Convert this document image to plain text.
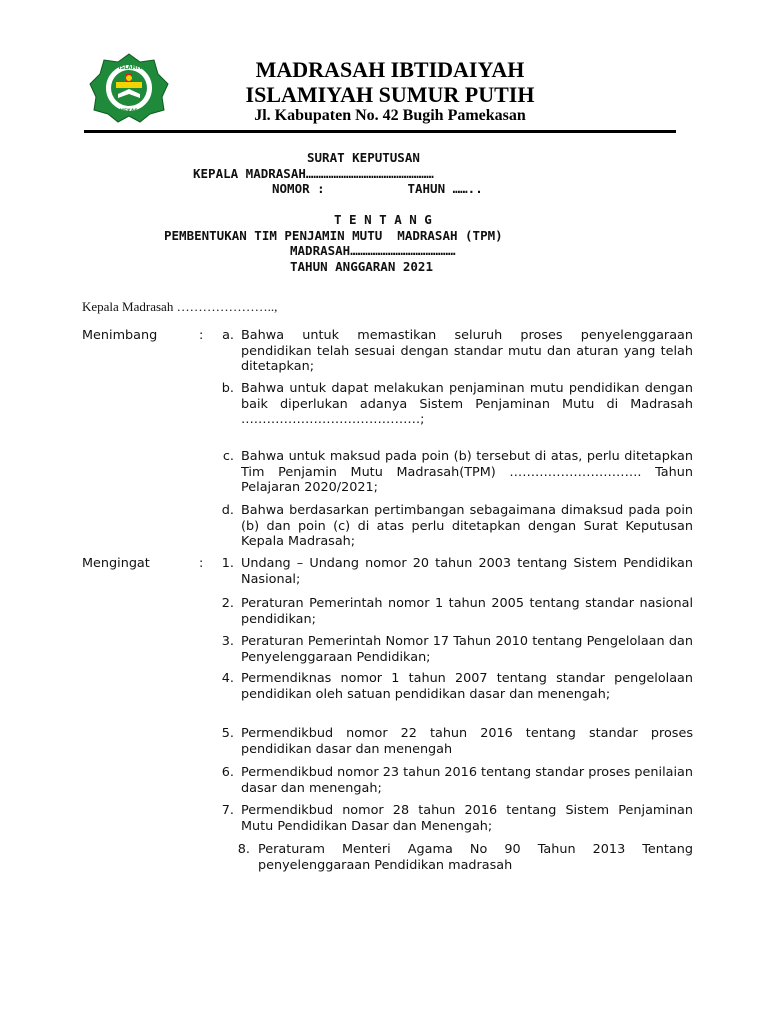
MI. ISLAMIYAH
PAMEKASAN
MADRASAH IBTIDAIYAH
ISLAMIYAH SUMUR PUTIH
Jl. Kabupaten No. 42 Bugih Pamekasan
SURAT KEPUTUSAN
KEPALA MADRASAH……………………………………………
NOMOR :           TAHUN ……..
T E N T A N G
PEMBENTUKAN TIM PENJAMIN MUTU  MADRASAH (TPM)
MADRASAH……………………………………
TAHUN ANGGARAN 2021
Kepala Madrasah …………………..,
Menimbang	:	a. Bahwa untuk memastikan seluruh proses penyelenggaraan pendidikan telah sesuai dengan standar mutu dan aturan yang telah ditetapkan;
b. Bahwa untuk dapat melakukan penjaminan mutu pendidikan dengan baik diperlukan adanya Sistem Penjaminan Mutu di Madrasah ……………………………………;
c. Bahwa untuk maksud pada poin (b) tersebut di atas, perlu ditetapkan Tim Penjamin Mutu Madrasah(TPM) …………………………. Tahun Pelajaran 2020/2021;
d. Bahwa berdasarkan pertimbangan sebagaimana dimaksud pada poin (b) dan poin (c) di atas perlu ditetapkan dengan Surat Keputusan Kepala Madrasah;
Mengingat	:	1. Undang – Undang nomor 20 tahun 2003 tentang Sistem Pendidikan Nasional;
2. Peraturan Pemerintah nomor 1 tahun 2005 tentang standar nasional pendidikan;
3. Peraturan Pemerintah Nomor 17 Tahun 2010 tentang Pengelolaan dan Penyelenggaraan Pendidikan;
4. Permendiknas nomor 1 tahun 2007 tentang standar pengelolaan pendidikan oleh satuan pendidikan dasar dan menengah;
5. Permendikbud nomor 22 tahun 2016 tentang standar proses pendidikan dasar dan menengah
6. Permendikbud nomor 23 tahun 2016 tentang standar proses penilaian dasar dan menengah;
7. Permendikbud nomor 28 tahun 2016 tentang Sistem Penjaminan Mutu Pendidikan Dasar dan Menengah;
8. Peraturam Menteri Agama No 90 Tahun 2013 Tentang penyelenggaraan Pendidikan madrasah
